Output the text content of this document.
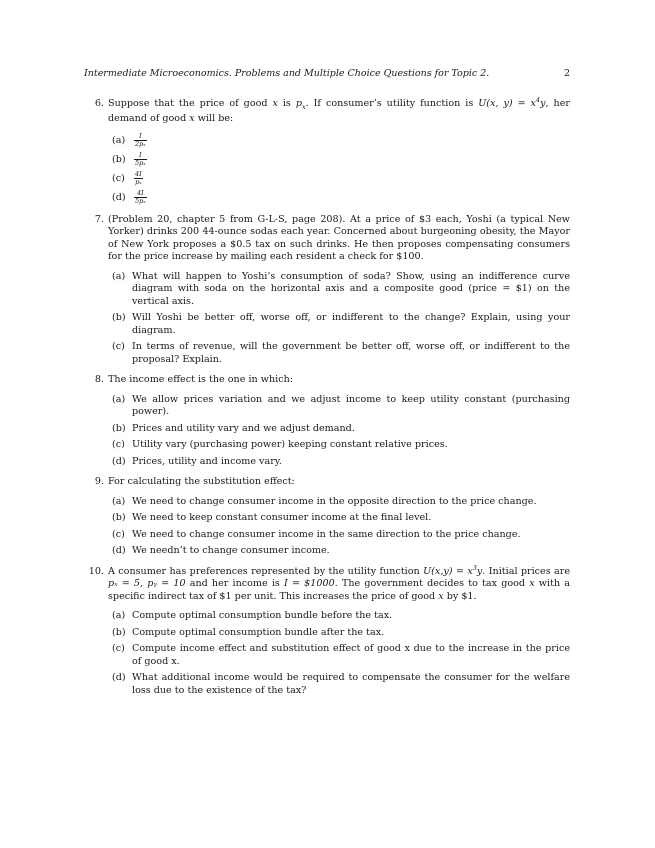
Intermediate Microeconomics. Problems and Multiple Choice Questions for Topic 2.	2
6. Suppose that the price of good x is $p_x$. If consumer’s utility function is U(x, $y) = x^4y$, her demand of good x will be:

$(a) \frac{I}{\text{2pₓ}}$
$(b) \frac{I}{\text{5pₓ}}$
$(c) \frac{4I}{\text{pₓ}}$
$(d) \frac{4I}{\text{5pₓ}}$
7. (Problem 20, chapter 5 from G-L-S, page 208). At a price of $3 each, Yoshi (a typical New Yorker) drinks 200 44-ounce sodas each year. Concerned about burgeoning obesity, the Mayor of New York proposes a $0.5 tax on such drinks. He then proposes compensating consumers for the price increase by mailing each resident a check for $100.

(a) What will happen to Yoshi’s consumption of soda? Show, using an indifference curve diagram with soda on the horizontal axis and a composite good (price = $1) on the vertical axis.
(b) Will Yoshi be better off, worse off, or indifferent to the change? Explain, using your diagram.
(c) In terms of revenue, will the government be better off, worse off, or indifferent to the proposal? Explain.
8. The income effect is the one in which:

(a) We allow prices variation and we adjust income to keep utility constant (purchasing power).
(b) Prices and utility vary and we adjust demand.
(c) Utility vary (purchasing power) keeping constant relative prices.
(d) Prices, utility and income vary.
9. For calculating the substitution effect:

(a) We need to change consumer income in the opposite direction to the price change.
(b) We need to keep constant consumer income at the final level.
(c) We need to change consumer income in the same direction to the price change.
(d) We needn’t to change consumer income.
10. A consumer has preferences represented by the utility function $U(x,y) = x^3y$. Initial prices are pₓ = 5, pᵧ = 10 and her income is I = $1000. The government decides to tax good x with a specific indirect tax of $1 per unit. This increases the price of good x by $1.

(a) Compute optimal consumption bundle before the tax.
(b) Compute optimal consumption bundle after the tax.
(c) Compute income effect and substitution effect of good x due to the increase in the price of good x.
(d) What additional income would be required to compensate the consumer for the welfare loss due to the existence of the tax?
